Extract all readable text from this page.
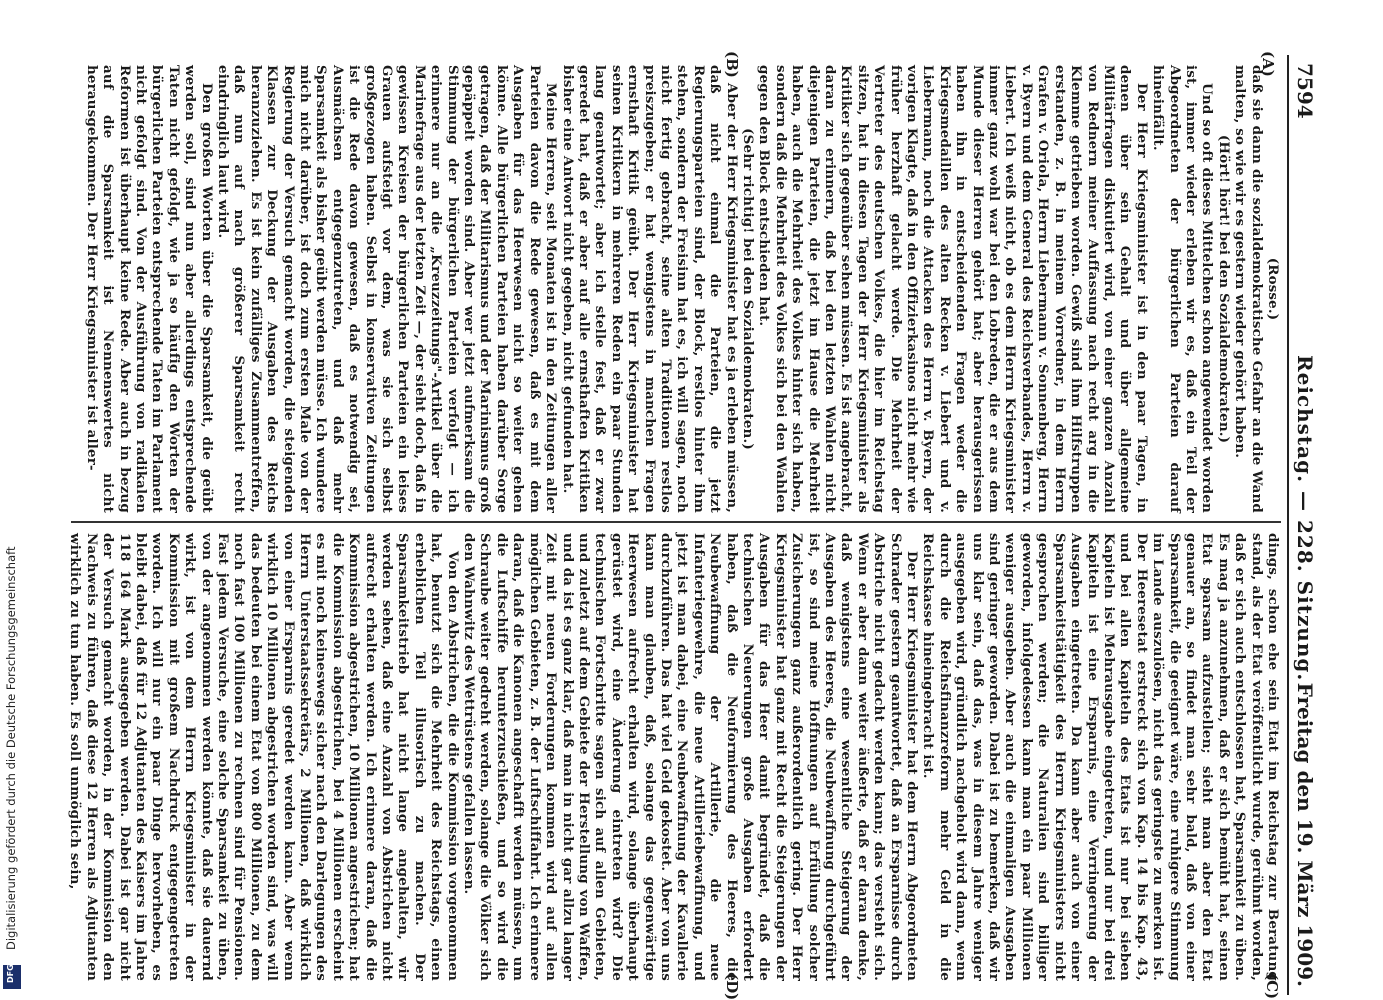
7594
Reichstag. — 228. Sitzung.
Freitag den 19. März 1909.
(A)
(B)
(C)
(D)

(Rosse.)

daß sie dann die sozialdemokratische Gefahr an die Wand malten, so wie wir es gestern wieder gehört haben.

(Hört! hört! bei den Sozialdemokraten.)

Und so oft dieses Mittelchen schon angewendet worden ist, immer wieder erleben wir es, daß ein Teil der Abgeordneten der bürgerlichen Parteien darauf hineinfällt.

Der Herr Kriegsminister ist in den paar Tagen, in denen über sein Gehalt und über allgemeine Militärfragen diskutiert wird, von einer ganzen Anzahl von Rednern meiner Auffassung nach recht arg in die Klemme getrieben worden. Gewiß sind ihm Hilfstruppen erstanden, z. B. in meinem Vorredner, in dem Herrn Grafen v. Oriola, Herrn Liebermann v. Sonnenberg, Herrn v. Byern und dem General des Reichsverbandes, Herrn v. Liebert. Ich weiß nicht, ob es dem Herrn Kriegsminister immer ganz wohl war bei den Lobreden, die er aus dem Munde dieser Herren gehört hat; aber herausgerissen haben ihn in entscheidenden Fragen weder die Kriegsmedaillen des alten Recken v. Liebert und v. Liebermann, noch die Attacken des Herrn v. Byern, der vorigen Klagte, daß in den Offizierkasinos nicht mehr wie früher herzhaft gelacht werde. Die Mehrheit der Vertreter des deutschen Volkes, die hier im Reichstag sitzen, hat in diesen Tagen der Herr Kriegsminister als Kritiker sich gegenüber sehen müssen. Es ist angebracht, daran zu erinnern, daß bei den letzten Wahlen nicht diejenigen Parteien, die jetzt im Hause die Mehrheit haben, auch die Mehrheit des Volkes hinter sich haben, sondern daß die Mehrheit des Volkes sich bei den Wahlen gegen den Block entschieden hat.

(Sehr richtig! bei den Sozialdemokraten.)

Aber der Herr Kriegsminister hat es ja erleben müssen, daß nicht einmal die Parteien, die jetzt Regierungsparteien sind, der Block, restlos hinter ihm stehen, sondern der Freisinn hat es, ich will sagen, noch nicht fertig gebracht, seine alten Traditionen restlos preiszugeben; er hat wenigstens in manchen Fragen ernsthaft Kritik geübt. Der Herr Kriegsminister hat seinen Kritikern in mehreren Reden ein paar Stunden lang geantwortet; aber ich stelle fest, daß er zwar geredet hat, daß er aber auf alle ernsthaften Kritiken bisher eine Antwort nicht gegeben, nicht gefunden hat.

Meine Herren, seit Monaten ist in den Zeitungen aller Parteien davon die Rede gewesen, daß es mit dem Ausgaben für das Heerwesen nicht so weiter gehen könne. Alle bürgerlichen Parteien haben darüber Sorge getragen, daß der Militarismus und der Marinismus groß gepäppelt worden sind. Aber wer jetzt aufmerksam die Stimmung der bürgerlichen Parteien verfolgt — ich erinnere nur an die „Kreuzzeitungs"-Artikel über die Marinefrage aus der letzten Zeit —, der sieht doch, daß in gewissen Kreisen der bürgerlichen Parteien ein leises Grauen aufsteigt vor dem, was sie sich selbst großgezogen haben. Selbst in konservativen Zeitungen ist die Rede davon gewesen, daß es notwendig sei, Ausmächsen entgegenzutreten, und daß mehr Sparsamkeit als bisher geübt werden müsse. Ich wundere mich nicht darüber, ist doch zum ersten Male von der Regierung der Versuch gemacht worden, die steigenden Klassen zur Deckung der Ausgaben des Reichs heranzuziehen. Es ist kein zufälliges Zusammentreffen, daß nun auf nach größerer Sparsamkeit recht eindringlich laut wird.

Den großen Worten über die Sparsamkeit, die geübt werden soll, sind nun aber allerdings entsprechende Taten nicht gefolgt, wie ja so häufig den Worten der bürgerlichen Parteien entsprechende Taten im Parlament nicht gefolgt sind. Von der Ausführung von radikalen Reformen ist überhaupt keine Rede. Aber auch in bezug auf die Sparsamkeit ist Nennenswertes nicht herausgekommen. Der Herr Kriegsminister ist aller-

dings, schon ehe sein Etat im Reichstag zur Beratung stand, als der Etat veröffentlicht wurde, gerühmt worden, daß er sich auch entschlossen hat, Sparsamkeit zu üben. Es mag ja anzunehmen, daß er sich bemüht hat, seinen Etat sparsam aufzustellen; sieht man aber den Etat genauer an, so findet man sehr bald, daß von einer Sparsamkeit, die geeignet wäre, eine ruhigere Stimmung im Lande auszulösen, nicht das geringste zu merken ist. Der Heeresetat erstreckt sich von Kap. 14 bis Kap. 43, und bei allen Kapiteln des Etats ist nur bei sieben Kapiteln ist Mehrausgabe eingetreten, und nur bei drei Kapiteln ist eine Ersparnis, eine Verringerung der Ausgaben eingetreten. Da kann aber auch von einer Sparsamkeitstätigkeit des Herrn Kriegsministers nicht gesprochen werden; die Naturalien sind billiger geworden, infolgedessen kann man ein paar Millionen weniger ausgeben. Aber auch die einmaligen Ausgaben sind geringer geworden. Dabei ist zu bemerken, daß wir uns klar sein, daß das, was in diesem Jahre weniger ausgegeben wird, gründlich nachgeholt wird dann, wenn durch die Reichsfinanzreform mehr Geld in die Reichskasse hineingebracht ist.

Der Herr Kriegsminister hat dem Herrn Abgeordneten Schrader gestern geantwortet, daß an Ersparnisse durch Abstriche nicht gedacht werden kann; das versteht sich. Wenn er aber dann weiter äußerte, daß er daran denke, daß wenigstens eine wesentliche Steigerung der Ausgaben des Heeres, die Neubewaffnung durchgeführt ist, so sind meine Hoffnungen auf Erfüllung solcher Zusicherungen ganz außerordentlich gering. Der Herr Kriegsminister hat ganz mit Recht die Steigerungen der Ausgaben für das Heer damit begründet, daß die technischen Neuerungen große Ausgaben erfordert haben, daß die Neuformierung des Heeres, die Neubewaffnung der Artillerie, die neue Infanteriegewehre, die neue Artilleriebewaffnung, und jetzt ist man dabei, eine Neubewaffnung der Kavallerie durchzuführen. Das hat viel Geld gekostet. Aber von uns kann man glauben, daß, solange das gegenwärtige Heerwesen aufrecht erhalten wird, solange überhaupt gerüstet wird, eine Änderung eintreten wird? Die technischen Fortschritte sagen sich auf allen Gebieten, und zuletzt auf dem Gebiete der Herstellung von Waffen, und da ist es ganz klar, daß man in nicht gar allzu langer Zeit mit neuen Forderungen kommen wird auf allen möglichen Gebieten, z. B. der Luftschiffahrt. Ich erinnere daran, daß die Kanonen angeschafft werden müssen, um die Luftschiffe herunterzuschießen, und so wird die Schraube weiter gedreht werden, solange die Völker sich den Wahnwitz des Wettrüstens gefallen lassen.

Von den Abstrichen, die die Kommission vorgenommen hat, benutzt sich die Mehrheit des Reichstags, einen erheblichen Teil illusorisch zu machen. Der Sparsamkeitstrieb hat nicht lange angehalten, wir werden sehen, daß eine Anzahl von Abstrichen nicht aufrecht erhalten werden. Ich erinnere daran, daß die Kommission abgestrichen, 10 Millionen angestrichen; hat die Kommission abgestrichen, bei 4 Millionen erscheint es mit noch keineswegs sicher nach den Darlegungen des Herrn Unterstaatssekretärs, 2 Millionen, daß wirklich von einer Ersparnis geredet werden kann. Aber wenn wirklich 10 Millionen abgestrichen worden sind, was will das bedeuten bei einem Etat von 800 Millionen, zu dem noch fast 100 Millionen zu rechnen sind für Pensionen. Fast jedem Versuche, eine solche Sparsamkeit zu üben, von der angenommen werden könnte, daß sie dauernd wirkt, ist von dem Herrn Kriegsminister in der Kommission mit großem Nachdruck entgegengetreten worden. Ich will nur ein paar Dinge hervorheben, es bleibt dabei, daß für 12 Adjutanten des Kaisers im Jahre 118 164 Mark ausgegeben werden. Dabei ist gar nicht der Versuch gemacht worden, in der Kommission den Nachweis zu führen, daß diese 12 Herren als Adjutanten wirklich zu tun haben. Es soll unmöglich sein,

Digitalisierung gefördert durch die Deutsche Forschungsgemeinschaft
DFG
